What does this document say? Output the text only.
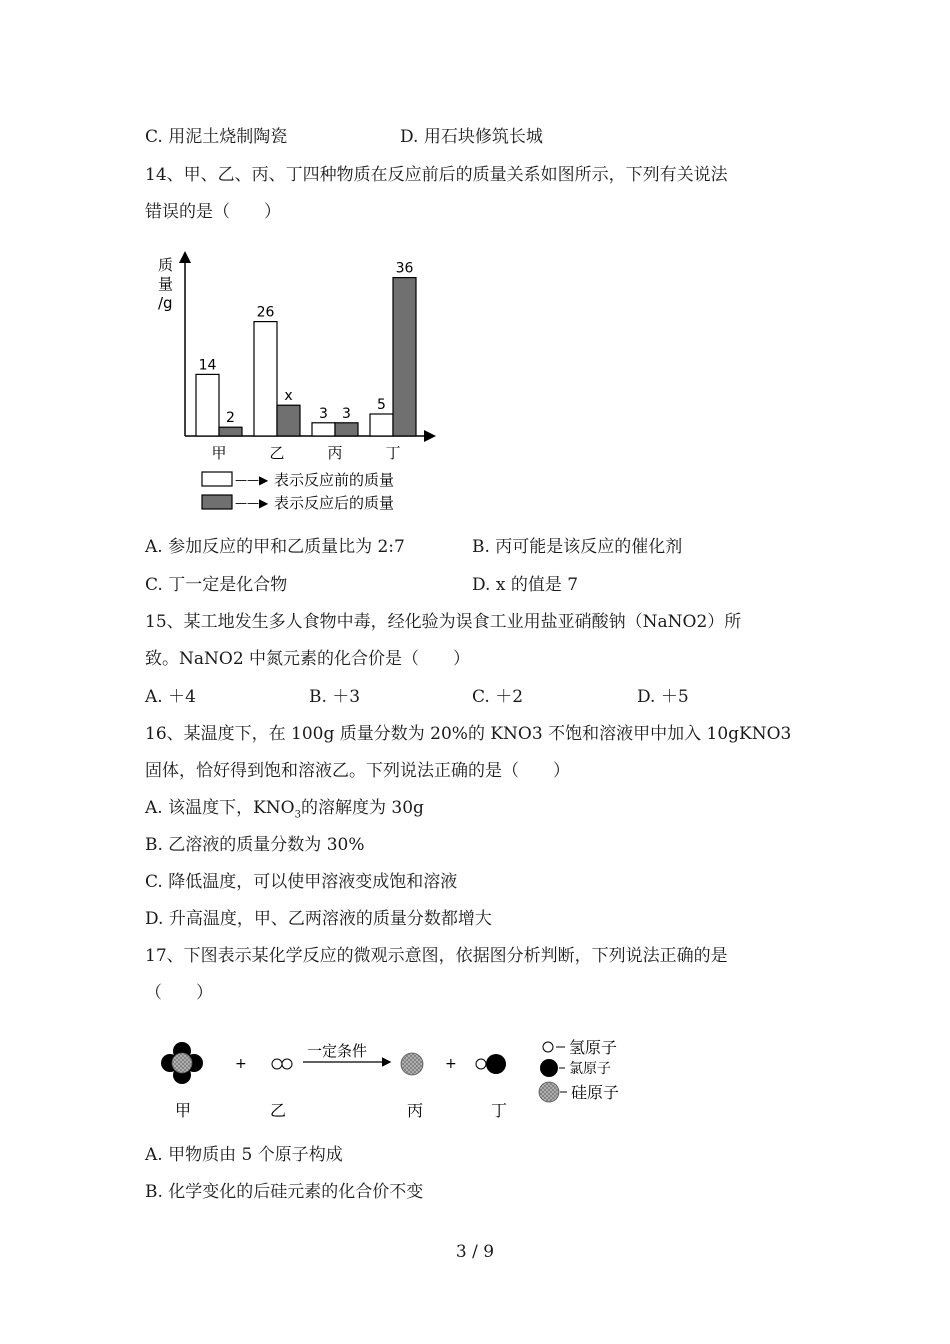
C. 用泥土烧制陶瓷	D. 用石块修筑长城
14、甲、乙、丙、丁四种物质在反应前后的质量关系如图所示，下列有关说法
错误的是（　　）
质
量
/g
14
2
26
x
3 3
5
36
甲	乙	丙	丁
——▶ 表示反应前的质量
——▶ 表示反应后的质量
A. 参加反应的甲和乙质量比为 2:7	B. 丙可能是该反应的催化剂
C. 丁一定是化合物	D. x 的值是 7
15、某工地发生多人食物中毒，经化验为误食工业用盐亚硝酸钠（NaNO2）所
致。NaNO2 中氮元素的化合价是（　　）
A. ＋4	B. ＋3	C. ＋2	D. ＋5
16、某温度下，在 100g 质量分数为 20%的 KNO3 不饱和溶液甲中加入 10gKNO3
固体，恰好得到饱和溶液乙。下列说法正确的是（　　）
A. 该温度下，$KNO_3$的溶解度为 30g
B. 乙溶液的质量分数为 30%
C. 降低温度，可以使甲溶液变成饱和溶液
D. 升高温度，甲、乙两溶液的质量分数都增大
17、下图表示某化学反应的微观示意图，依据图分析判断，下列说法正确的是
（　　）
甲
+
乙
一定条件
丙
+
丁
氢原子
氯原子
硅原子
A. 甲物质由 5 个原子构成
B. 化学变化的后硅元素的化合价不变
3 / 9
